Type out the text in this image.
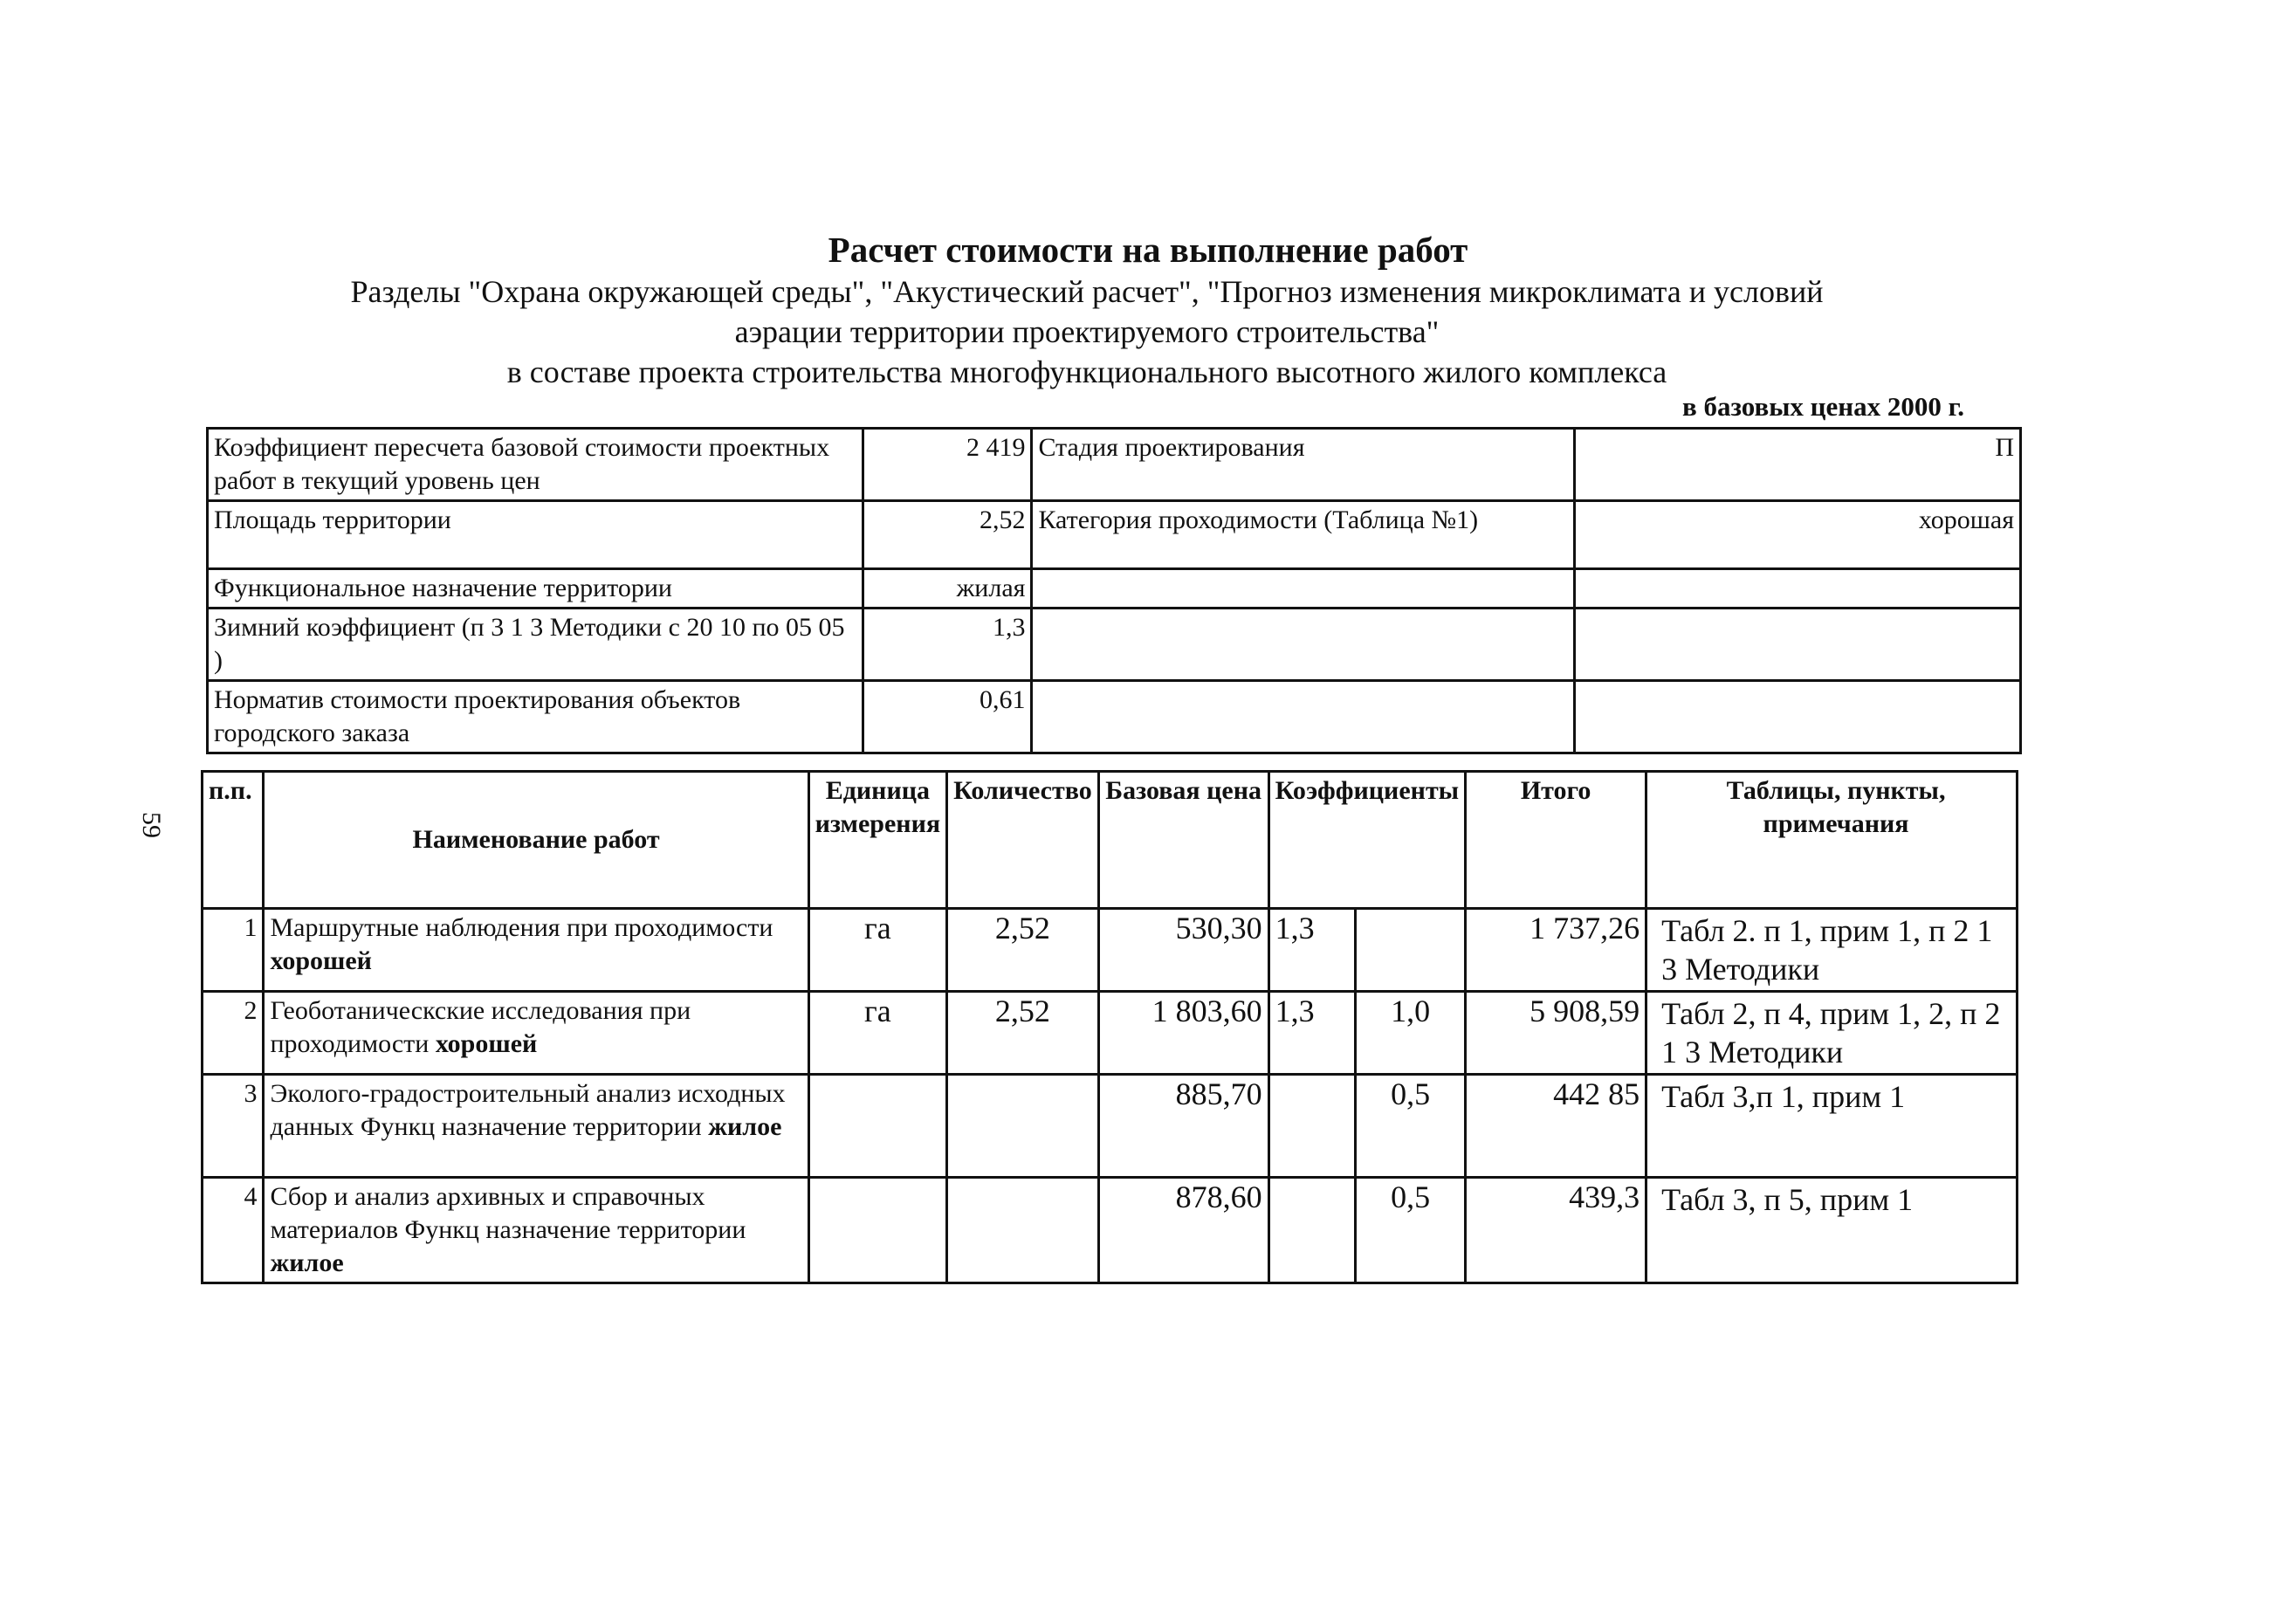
Расчет стоимости на выполнение работ
Разделы "Охрана окружающей среды", "Акустический расчет", "Прогноз изменения микроклимата и условий
аэрации территории проектируемого строительства"
в составе проекта строительства многофункционального высотного жилого комплекса
в базовых ценах 2000 г.
59
Коэффициент пересчета базовой стоимости проектных работ в текущий уровень цен	2 419	Стадия проектирования	П
Площадь территории	2,52	Категория проходимости (Таблица №1)	хорошая
Функциональное назначение территории	жилая		
Зимний коэффициент (п 3 1 3 Методики с 20 10 по 05 05 )	1,3		
Норматив стоимости проектирования объектов городского заказа	0,61		
п.п.	Наименование работ	Единица измерения	Количество	Базовая цена	Коэффициенты		Итого	Таблицы, пункты, примечания
1	Маршрутные наблюдения при проходимости хорошей	га	2,52	530,30	1,3		1 737,26	Табл 2. п 1, прим 1, п 2 1 3 Методики
2	Геоботаническские исследования при проходимости хорошей	га	2,52	1 803,60	1,3	1,0	5 908,59	Табл 2, п 4, прим 1, 2, п 2 1 3 Методики
3	Эколого-градостроительный анализ исходных данных Функц назначение территории жилое			885,70		0,5	442 85	Табл 3,п 1, прим 1
4	Сбор и анализ архивных и справочных материалов Функц назначение территории жилое			878,60		0,5	439,3	Табл 3, п 5, прим 1
